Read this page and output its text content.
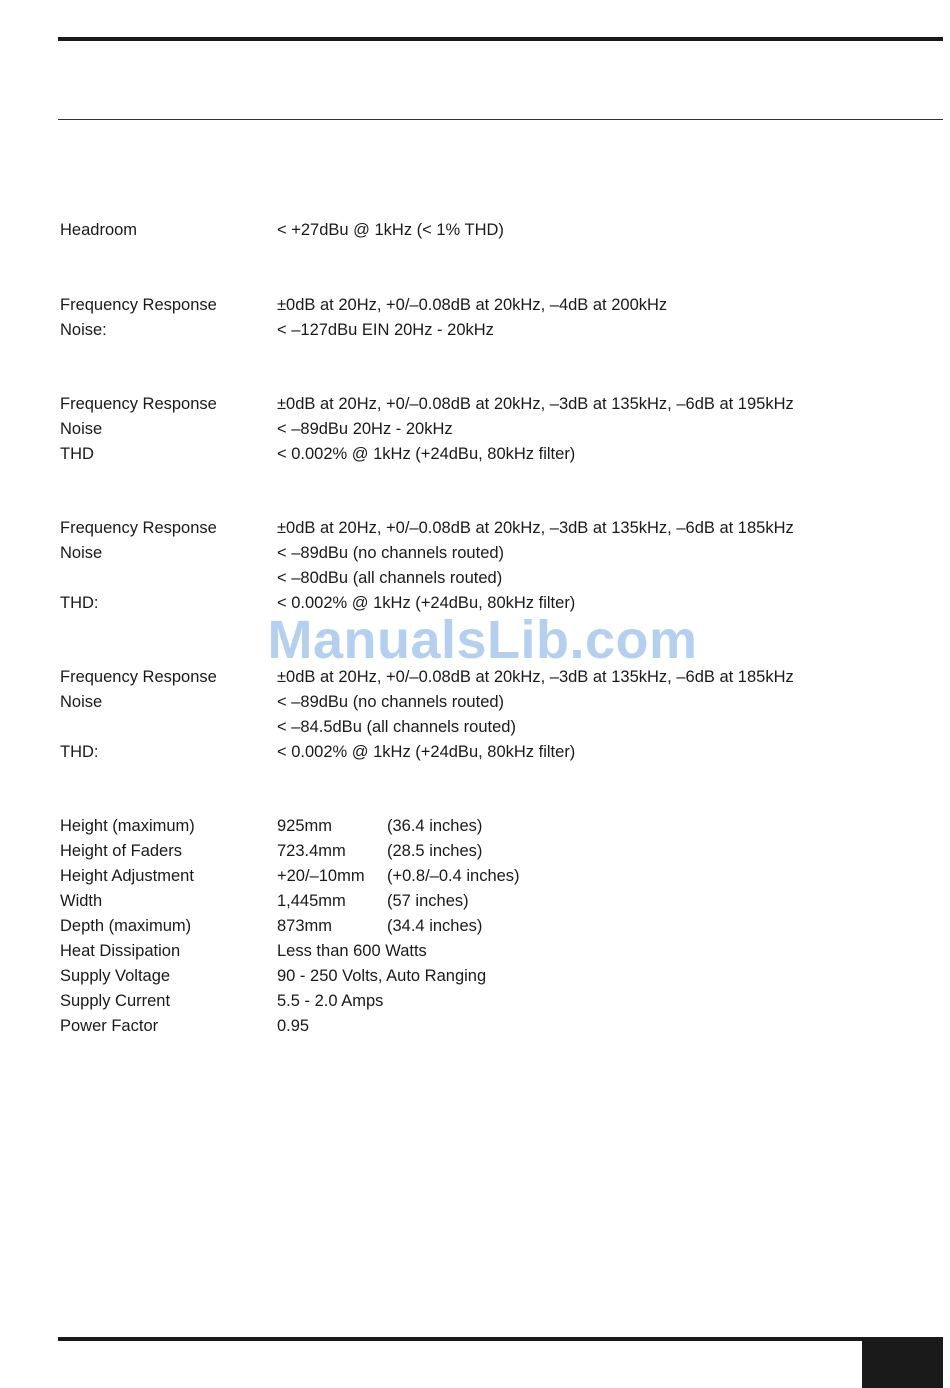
Headroom	< +27dBu @ 1kHz (< 1% THD)
Frequency Response	±0dB at 20Hz, +0/–0.08dB at 20kHz, –4dB at 200kHz
Noise:	< –127dBu EIN 20Hz - 20kHz
Frequency Response	±0dB at 20Hz, +0/–0.08dB at 20kHz, –3dB at 135kHz, –6dB at 195kHz
Noise	< –89dBu 20Hz - 20kHz
THD	< 0.002% @ 1kHz (+24dBu, 80kHz filter)
Frequency Response	±0dB at 20Hz, +0/–0.08dB at 20kHz, –3dB at 135kHz, –6dB at 185kHz
Noise	< –89dBu (no channels routed)
< –80dBu (all channels routed)
THD:	< 0.002% @ 1kHz (+24dBu, 80kHz filter)
ManualsLib.com
Frequency Response	±0dB at 20Hz, +0/–0.08dB at 20kHz, –3dB at 135kHz, –6dB at 185kHz
Noise	< –89dBu (no channels routed)
< –84.5dBu (all channels routed)
THD:	< 0.002% @ 1kHz (+24dBu, 80kHz filter)
Height (maximum)	925mm	(36.4 inches)
Height of Faders	723.4mm	(28.5 inches)
Height Adjustment	+20/–10mm	(+0.8/–0.4 inches)
Width	1,445mm	(57 inches)
Depth (maximum)	873mm	(34.4 inches)
Heat Dissipation	Less than 600 Watts
Supply Voltage	90 - 250 Volts, Auto Ranging
Supply Current	5.5 - 2.0 Amps
Power Factor	0.95
